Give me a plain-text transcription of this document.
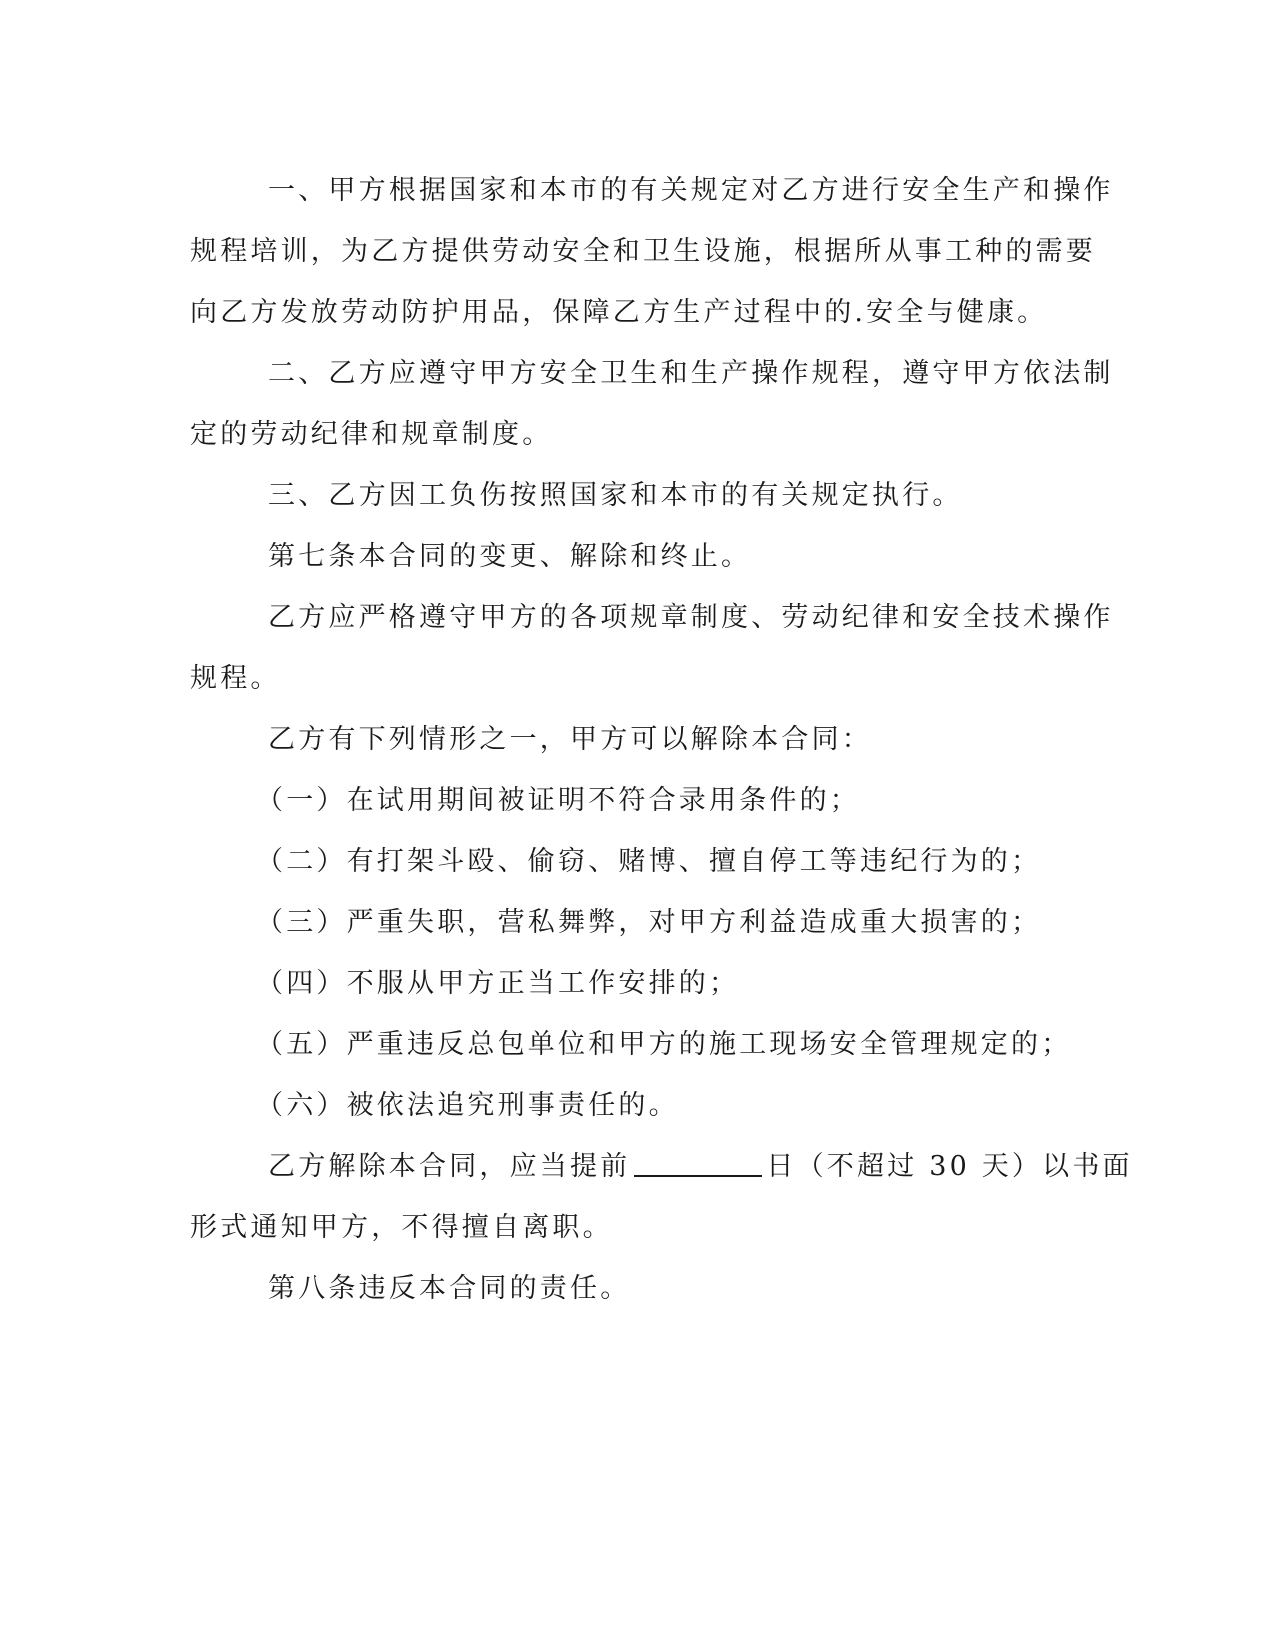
一、甲方根据国家和本市的有关规定对乙方进行安全生产和操作
规程培训，为乙方提供劳动安全和卫生设施，根据所从事工种的需要
向乙方发放劳动防护用品，保障乙方生产过程中的.安全与健康。

二、乙方应遵守甲方安全卫生和生产操作规程，遵守甲方依法制
定的劳动纪律和规章制度。

三、乙方因工负伤按照国家和本市的有关规定执行。

第七条本合同的变更、解除和终止。

乙方应严格遵守甲方的各项规章制度、劳动纪律和安全技术操作
规程。

乙方有下列情形之一，甲方可以解除本合同：

（一）在试用期间被证明不符合录用条件的；

（二）有打架斗殴、偷窃、赌博、擅自停工等违纪行为的；

（三）严重失职，营私舞弊，对甲方利益造成重大损害的；

（四）不服从甲方正当工作安排的；

（五）严重违反总包单位和甲方的施工现场安全管理规定的；

（六）被依法追究刑事责任的。

乙方解除本合同，应当提前	日（不超过 30 天）以书面
形式通知甲方，不得擅自离职。

第八条违反本合同的责任。
